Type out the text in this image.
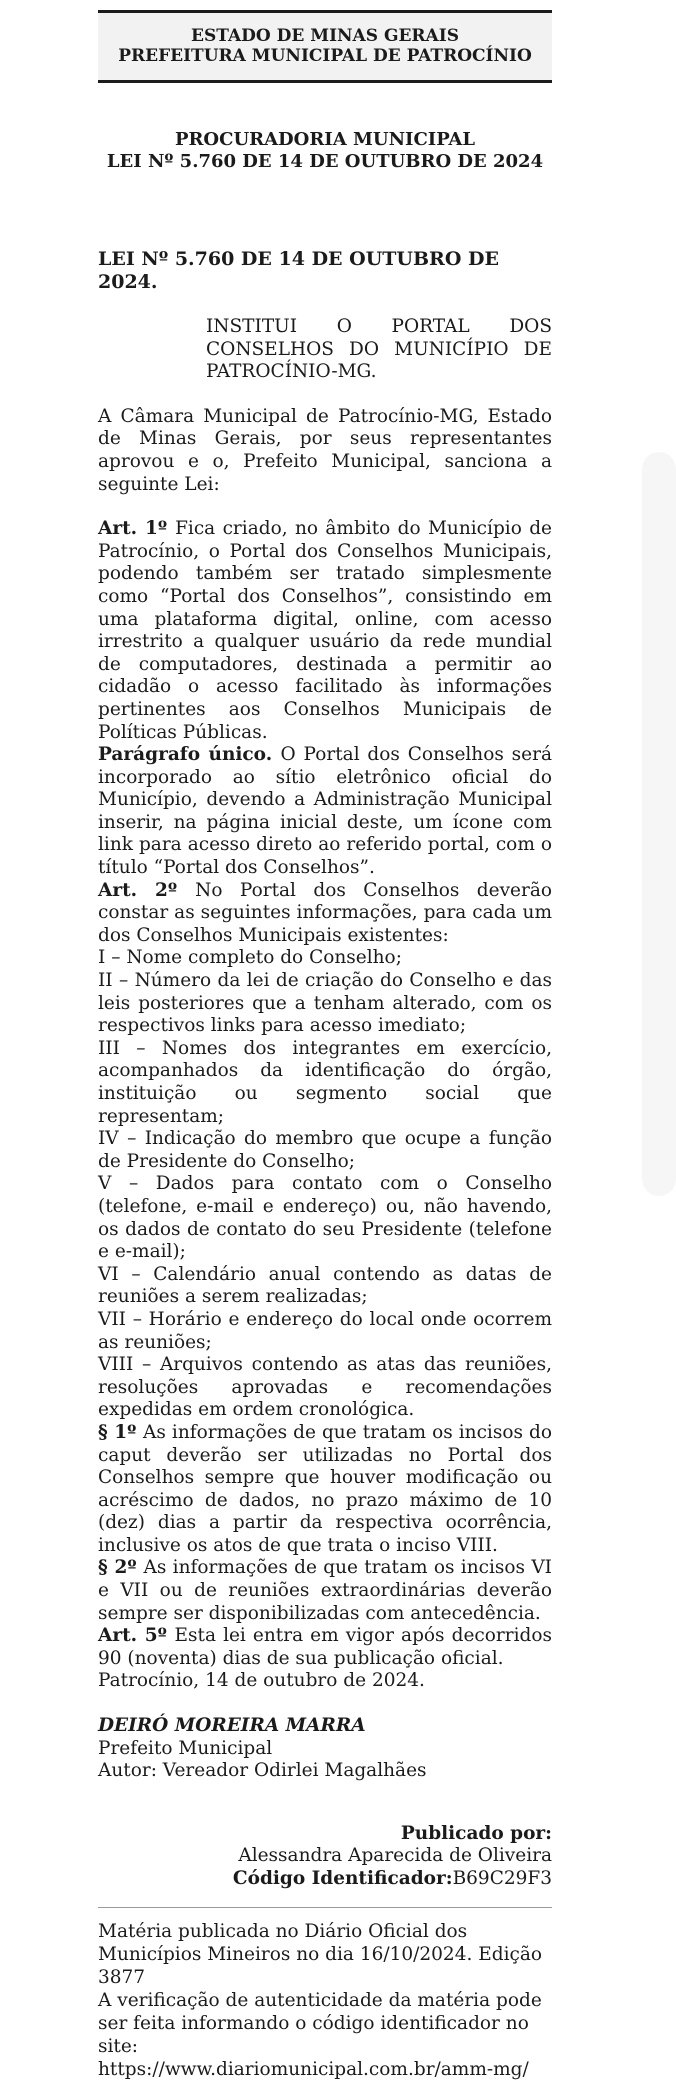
ESTADO DE MINAS GERAIS
PREFEITURA MUNICIPAL DE PATROCÍNIO
PROCURADORIA MUNICIPAL
LEI Nº 5.760 DE 14 DE OUTUBRO DE 2024
LEI Nº 5.760 DE 14 DE OUTUBRO DE 2024.

INSTITUI O PORTAL DOS CONSELHOS DO MUNICÍPIO DE PATROCÍNIO-MG.

A Câmara Municipal de Patrocínio-MG, Estado de Minas Gerais, por seus representantes aprovou e o, Prefeito Municipal, sanciona a seguinte Lei:

Art. 1º Fica criado, no âmbito do Município de Patrocínio, o Portal dos Conselhos Municipais, podendo também ser tratado simplesmente como “Portal dos Conselhos”, consistindo em uma plataforma digital, online, com acesso irrestrito a qualquer usuário da rede mundial de computadores, destinada a permitir ao cidadão o acesso facilitado às informações pertinentes aos Conselhos Municipais de Políticas Públicas.

Parágrafo único. O Portal dos Conselhos será incorporado ao sítio eletrônico oficial do Município, devendo a Administração Municipal inserir, na página inicial deste, um ícone com link para acesso direto ao referido portal, com o título “Portal dos Conselhos”.

Art. 2º No Portal dos Conselhos deverão constar as seguintes informações, para cada um dos Conselhos Municipais existentes:

I – Nome completo do Conselho;

II – Número da lei de criação do Conselho e das leis posteriores que a tenham alterado, com os respectivos links para acesso imediato;

III – Nomes dos integrantes em exercício, acompanhados da identificação do órgão, instituição ou segmento social que representam;

IV – Indicação do membro que ocupe a função de Presidente do Conselho;

V – Dados para contato com o Conselho (telefone, e-mail e endereço) ou, não havendo, os dados de contato do seu Presidente (telefone e e-mail);

VI – Calendário anual contendo as datas de reuniões a serem realizadas;

VII – Horário e endereço do local onde ocorrem as reuniões;

VIII – Arquivos contendo as atas das reuniões, resoluções aprovadas e recomendações expedidas em ordem cronológica.

§ 1º As informações de que tratam os incisos do caput deverão ser utilizadas no Portal dos Conselhos sempre que houver modificação ou acréscimo de dados, no prazo máximo de 10 (dez) dias a partir da respectiva ocorrência, inclusive os atos de que trata o inciso VIII.

§ 2º As informações de que tratam os incisos VI e VII ou de reuniões extraordinárias deverão sempre ser disponibilizadas com antecedência.

Art. 5º Esta lei entra em vigor após decorridos 90 (noventa) dias de sua publicação oficial.

Patrocínio, 14 de outubro de 2024.

DEIRÓ MOREIRA MARRA

Prefeito Municipal

Autor: Vereador Odirlei Magalhães

Publicado por:
Alessandra Aparecida de Oliveira
Código Identificador:B69C29F3

Matéria publicada no Diário Oficial dos Municípios Mineiros no dia 16/10/2024. Edição 3877

A verificação de autenticidade da matéria pode ser feita informando o código identificador no site:
https://www.diariomunicipal.com.br/amm-mg/
